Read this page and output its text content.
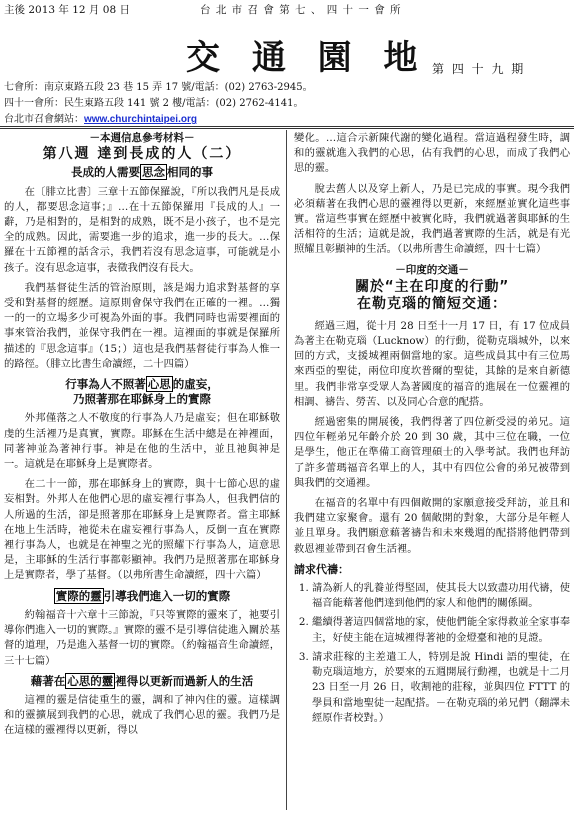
主後 2013 年 12 月 08 日	台 北 市 召 會 第 七 、 四 十 一 會 所
交 通 園 地 第 四 十 九 期
七會所：南京東路五段 23 巷 15 弄 17 號/電話：(02) 2763-2945。
四十一會所：民生東路五段 141 號 2 樓/電話：(02) 2762-4141。
台北市召會網站：www.churchintaipei.org
－本週信息參考材料－
第八週 達到長成的人（二）
長成的人需要 思念 相同的事

在〔腓立比書〕三章十五節保羅說，『所以我們凡是長成的人，都要思念這事；』…在十五節保羅用『長成的人』一辭，乃是相對的，是相對的成熟，既不是小孩子，也不是完全的成熟。因此，需要進一步的追求，進一步的長大。…保羅在十五節裡的話含示，我們若沒有思念這事，可能就是小孩子。沒有思念這事，表徵我們沒有長大。

我們基督徒生活的管治原則，該是竭力追求對基督的享受和對基督的經歷。這原則會保守我們在正確的一裡。…獨一的一的立場多少可視為外面的事。我們同時也需要裡面的事來管治我們，並保守我們在一裡。這裡面的事就是保羅所描述的『思念這事』（15；）這也是我們基督徒行事為人惟一的路徑。（腓立比書生命讀經，二十四篇）

行事為人不照著 心思 的虛妄，
乃照著那在耶穌身上的實際

外邦僅落之人不敬度的行事為人乃是虛妄；但在耶穌敬虔的生活裡乃是真實，實際。耶穌在生活中總是在神裡面，同著神並為著神行事。神是在他的生活中，並且祂與神是一。這就是在耶穌身上是實際者。

在二十一節，那在耶穌身上的實際，與十七節心思的虛妄相對。外邦人在他們心思的虛妄裡行事為人，但我們信的人所過的生活，卻是照著那在耶穌身上是實際者。當主耶穌在地上生活時，祂從未在虛妄裡行事為人，反倒一直在實際裡行事為人，也就是在神聖之光的照耀下行事為人，這意思是，主耶穌的生活行事都彰顯神。我們乃是照著那在耶穌身上是實際者，學了基督。（以弗所書生命讀經，四十六篇）

實際的靈 引導我們進入一切的實際

約翰福音十六章十三節說，『只等實際的靈來了，祂要引導你們進入一切的實際。』實際的靈不是引導信徒進入關於基督的道理，乃是進入基督一切的實際。（約翰福音生命讀經，三十七篇）

藉著在 心思的靈 裡得以更新而過新人的生活

這裡的靈是信徒重生的靈，調和了神內住的靈。這樣調和的靈擴展到我們的心思，就成了我們心思的靈。我們乃是在這樣的靈裡得以更新，得以

變化。…這合示新陳代謝的變化過程。當這過程發生時，調和的靈就進入我們的心思，佔有我們的心思，而成了我們心思的靈。

脫去舊人以及穿上新人，乃是已完成的事實。現今我們必須藉著在我們心思的靈裡得以更新，來經歷並實化這些事實。當這些事實在經歷中被實化時，我們就過著與耶穌的生活相符的生活；這就是說，我們過著實際的生活，就是有光照耀且彰顯神的生活。（以弗所書生命讀經，四十七篇）

－印度的交通－
關於“主在印度的行動”
在勒克瑙的簡短交通：

經過三週，從十月 28 日至十一月 17 日，有 17 位成員為著主在勒克瑙（Lucknow）的行動，從勒克瑙城外，以來回的方式，支援城裡兩個當地的家。這些成員其中有三位馬來西亞的聖徒，兩位印度坎普爾的聖徒，其餘的是來自新德里。我們非常享受眾人為著國度的福音的進展在一位靈裡的相調、禱告、勞苦、以及同心合意的配搭。

經過密集的開展後，我們得著了四位新受浸的弟兄。這四位年輕弟兄年齡介於 20 到 30 歲，其中三位在職，一位是學生，他正在準備工商管理碩士的入學考試。我們也拜訪了許多蕾瑪福音名單上的人，其中有四位公會的弟兄被帶到與我們的交通裡。

在福音的名單中有四個敞開的家願意接受拜訪，並且和我們建立家聚會。還有 20 個敞開的對象，大部分是年輕人並且單身。我們願意藉著禱告和未來幾週的配搭將他們帶到救恩裡並帶到召會生活裡。

請求代禱：
1. 請為新人的乳養並得堅固，使其長大以致盡功用代禱，使福音能藉著他們達到他們的家人和他們的關係圈。
2. 繼續得著這四個當地的家，使他們能全家得救並全家事奉主，好使主能在這城裡得著祂的金燈臺和祂的見證。
3. 請求莊稼的主差遣工人，特別是說 Hindi 語的聖徒，在勒克瑙這地方，於要來的五週開展行動裡，也就是十二月 23 日至一月 26 日，收割祂的莊稼，並與四位 FTTT 的學員和當地聖徒一起配搭。－在勒克瑙的弟兄們（翻譯未經原作者校對。）
